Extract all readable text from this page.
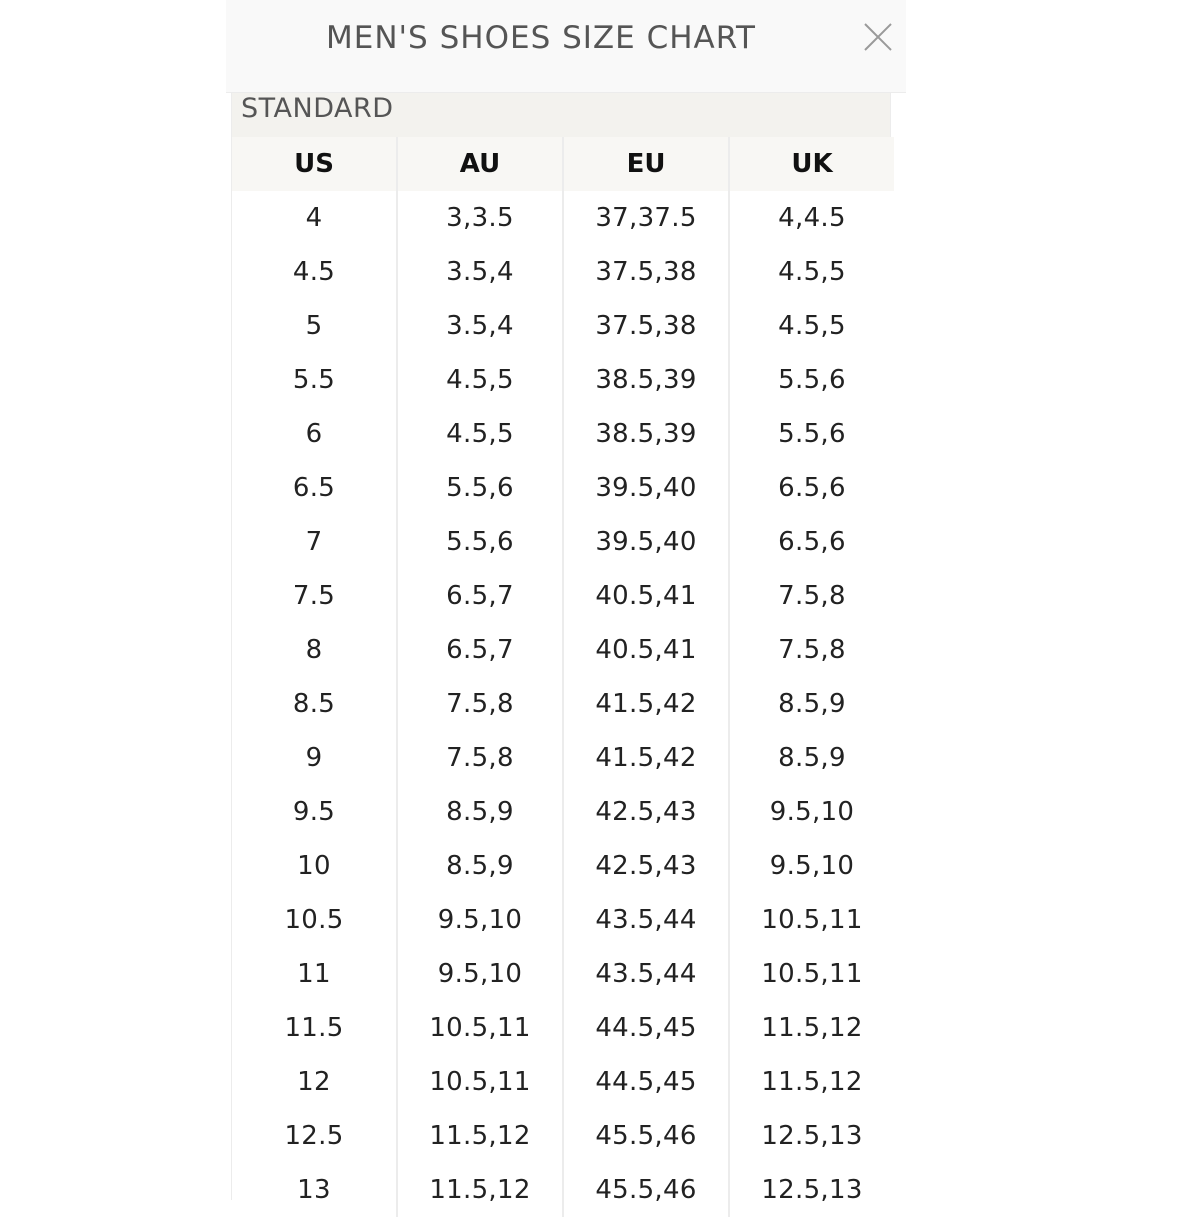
MEN'S SHOES SIZE CHART
STANDARD
US	AU	EU	UK
4	3,3.5	37,37.5	4,4.5
4.5	3.5,4	37.5,38	4.5,5
5	3.5,4	37.5,38	4.5,5
5.5	4.5,5	38.5,39	5.5,6
6	4.5,5	38.5,39	5.5,6
6.5	5.5,6	39.5,40	6.5,6
7	5.5,6	39.5,40	6.5,6
7.5	6.5,7	40.5,41	7.5,8
8	6.5,7	40.5,41	7.5,8
8.5	7.5,8	41.5,42	8.5,9
9	7.5,8	41.5,42	8.5,9
9.5	8.5,9	42.5,43	9.5,10
10	8.5,9	42.5,43	9.5,10
10.5	9.5,10	43.5,44	10.5,11
11	9.5,10	43.5,44	10.5,11
11.5	10.5,11	44.5,45	11.5,12
12	10.5,11	44.5,45	11.5,12
12.5	11.5,12	45.5,46	12.5,13
13	11.5,12	45.5,46	12.5,13
